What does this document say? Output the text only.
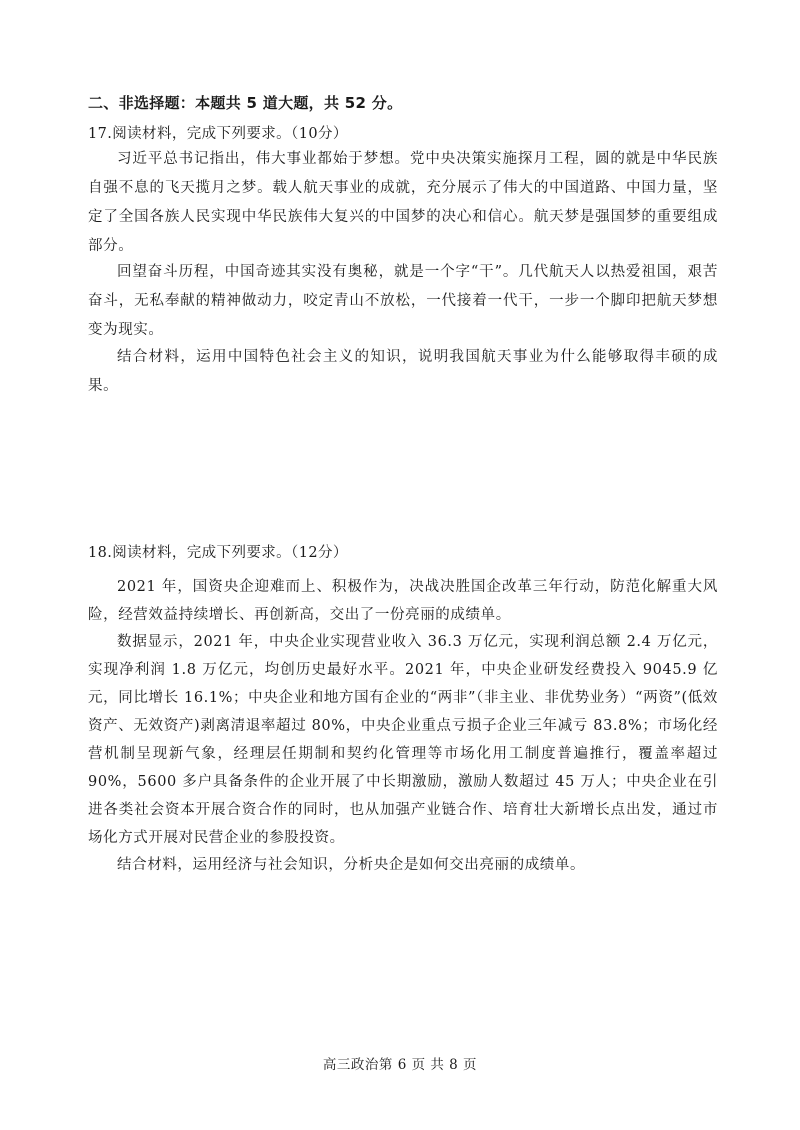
二、非选择题：本题共 5 道大题，共 52 分。
17.阅读材料，完成下列要求。（10分）

习近平总书记指出，伟大事业都始于梦想。党中央决策实施探月工程，圆的就是中华民族自强不息的飞天揽月之梦。载人航天事业的成就，充分展示了伟大的中国道路、中国力量，坚定了全国各族人民实现中华民族伟大复兴的中国梦的决心和信心。航天梦是强国梦的重要组成部分。

回望奋斗历程，中国奇迹其实没有奥秘，就是一个字“干”。几代航天人以热爱祖国，艰苦奋斗，无私奉献的精神做动力，咬定青山不放松，一代接着一代干，一步一个脚印把航天梦想变为现实。

结合材料，运用中国特色社会主义的知识，说明我国航天事业为什么能够取得丰硕的成果。

18.阅读材料，完成下列要求。（12分）

2021 年，国资央企迎难而上、积极作为，决战决胜国企改革三年行动，防范化解重大风险，经营效益持续增长、再创新高，交出了一份亮丽的成绩单。

数据显示，2021 年，中央企业实现营业收入 36.3 万亿元，实现利润总额 2.4 万亿元，实现净利润 1.8 万亿元，均创历史最好水平。2021 年，中央企业研发经费投入 9045.9 亿元，同比增长 16.1%；中央企业和地方国有企业的“两非”（非主业、非优势业务）“两资”(低效资产、无效资产)剥离清退率超过 80%，中央企业重点亏损子企业三年减亏 83.8%；市场化经营机制呈现新气象，经理层任期制和契约化管理等市场化用工制度普遍推行，覆盖率超过 90%，5600 多户具备条件的企业开展了中长期激励，激励人数超过 45 万人；中央企业在引进各类社会资本开展合资合作的同时，也从加强产业链合作、培育壮大新增长点出发，通过市场化方式开展对民营企业的参股投资。

结合材料，运用经济与社会知识，分析央企是如何交出亮丽的成绩单。

高三政治第 6 页 共 8 页
